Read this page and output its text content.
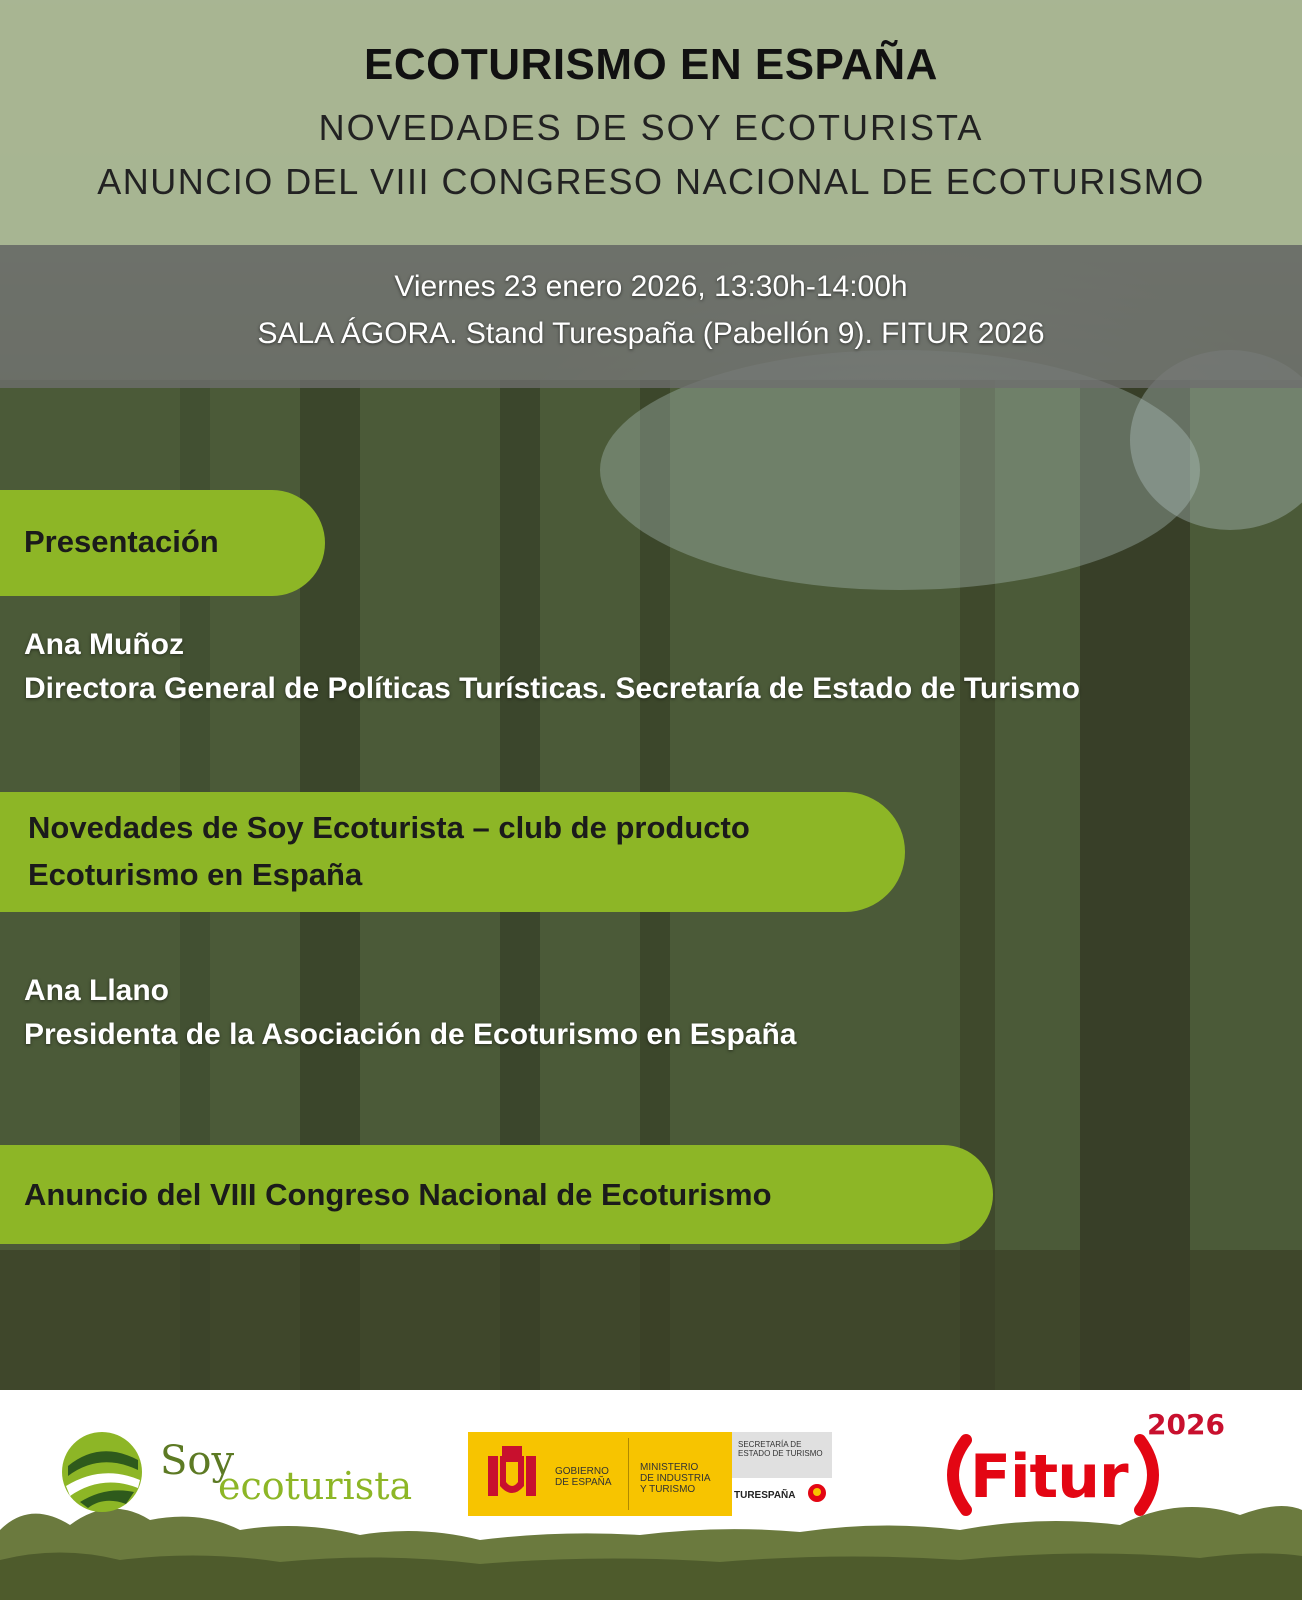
ECOTURISMO EN ESPAÑA
NOVEDADES DE SOY ECOTURISTA
ANUNCIO DEL VIII CONGRESO NACIONAL DE ECOTURISMO
Viernes 23 enero 2026, 13:30h-14:00h
SALA ÁGORA. Stand Turespaña (Pabellón 9). FITUR 2026
Presentación
Ana Muñoz
Directora General de Políticas Turísticas. Secretaría de Estado de Turismo
Novedades de Soy Ecoturista – club de producto
Ecoturismo en España
Ana Llano
Presidenta de la Asociación de Ecoturismo en España
Anuncio del VIII Congreso Nacional de Ecoturismo
Soy
ecoturista	GOBIERNO DE ESPAÑA
MINISTERIO DE INDUSTRIA Y TURISMO
SECRETARÍA DE ESTADO DE TURISMO
TURESPAÑA
2026
Fitur
